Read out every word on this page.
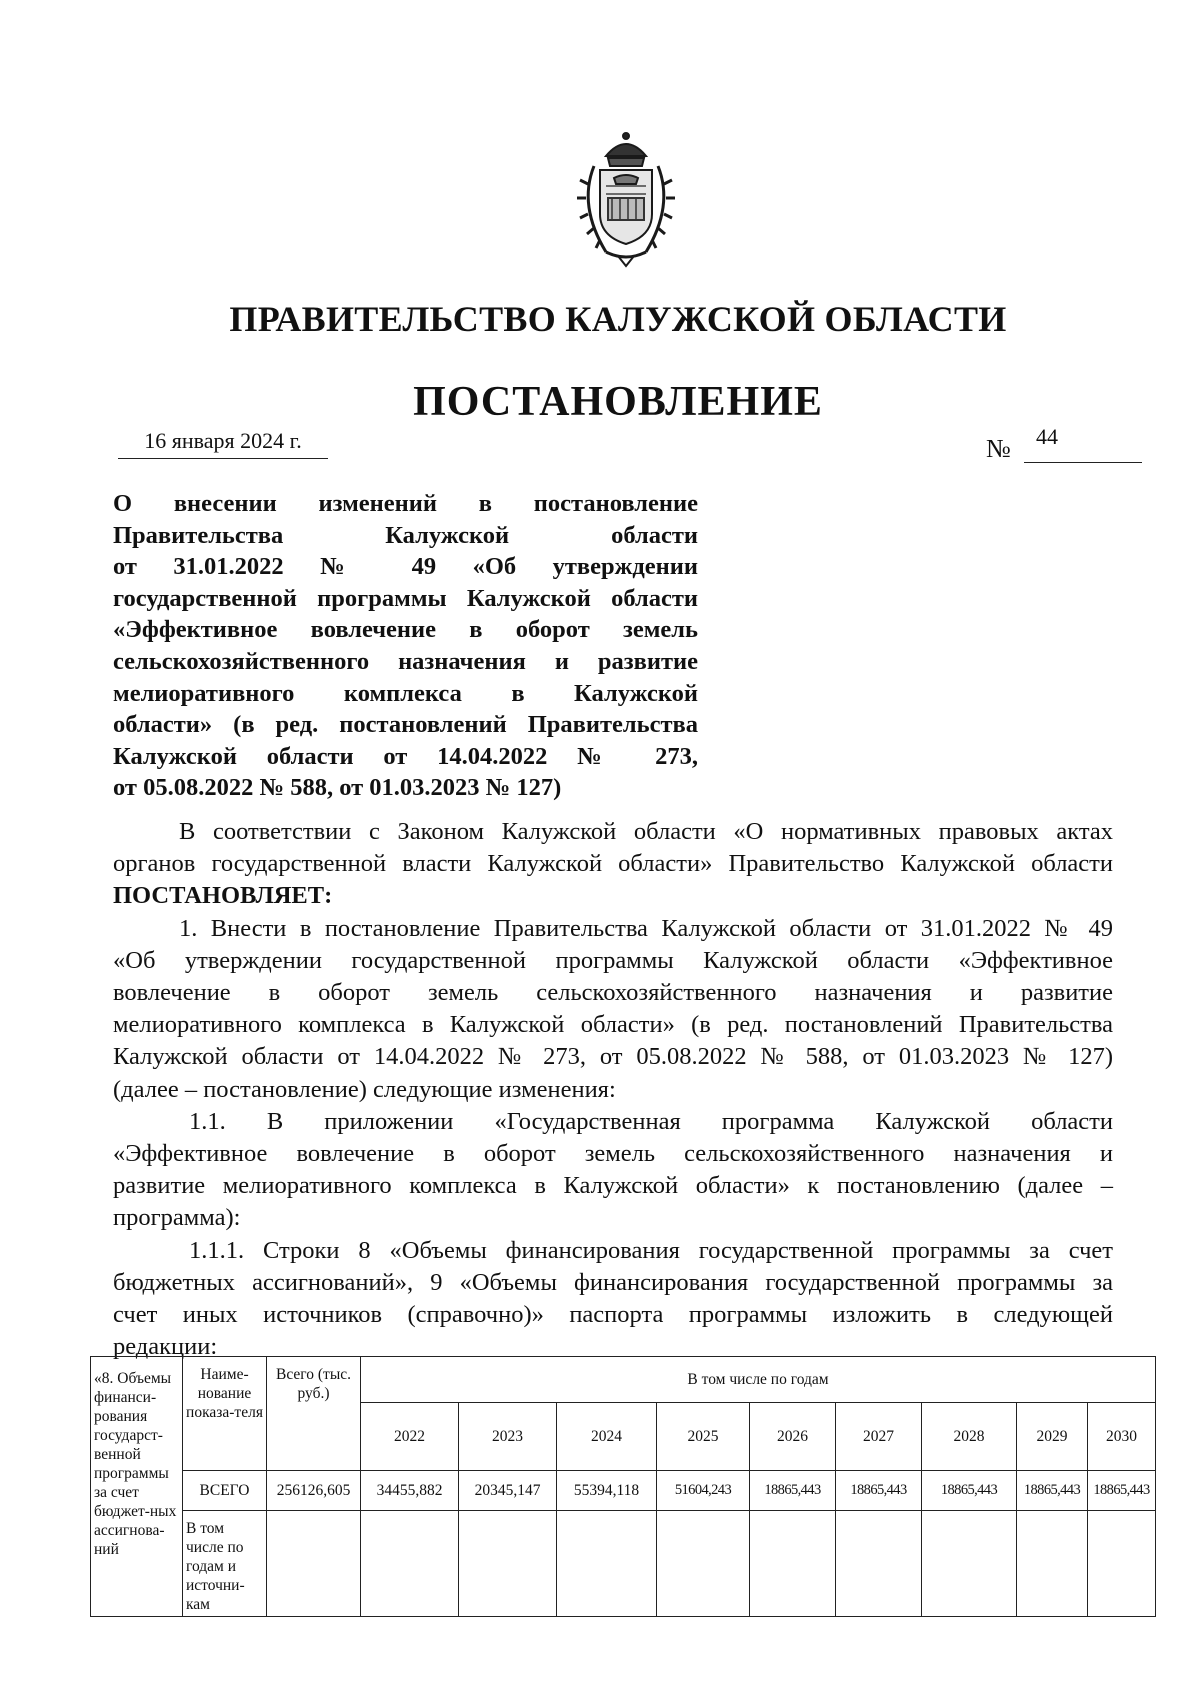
ПРАВИТЕЛЬСТВО КАЛУЖСКОЙ ОБЛАСТИ
ПОСТАНОВЛЕНИЕ
16 января 2024 г.	№	44
О внесении изменений в постановление
Правительства Калужской области
от 31.01.2022 № 49 «Об утверждении
государственной программы Калужской области
«Эффективное вовлечение в оборот земель
сельскохозяйственного назначения и развитие
мелиоративного комплекса в Калужской
области» (в ред. постановлений Правительства
Калужской области от 14.04.2022 № 273,
от 05.08.2022 № 588, от 01.03.2023 № 127)
В соответствии с Законом Калужской области «О нормативных правовых актах
органов государственной власти Калужской области» Правительство Калужской области
ПОСТАНОВЛЯЕТ:
1. Внести в постановление Правительства Калужской области от 31.01.2022 № 49
«Об утверждении государственной программы Калужской области «Эффективное
вовлечение в оборот земель сельскохозяйственного назначения и развитие
мелиоративного комплекса в Калужской области» (в ред. постановлений Правительства
Калужской области от 14.04.2022 № 273, от 05.08.2022 № 588, от 01.03.2023 № 127)
(далее – постановление) следующие изменения:
1.1. В приложении «Государственная программа Калужской области
«Эффективное вовлечение в оборот земель сельскохозяйственного назначения и
развитие мелиоративного комплекса в Калужской области» к постановлению (далее –
программа):
1.1.1. Строки 8 «Объемы финансирования государственной программы за счет
бюджетных ассигнований», 9 «Объемы финансирования государственной программы за
счет иных источников (справочно)» паспорта программы изложить в следующей
редакции:
«8. Объемы финанси-рования государст-венной программы за счет бюджет-ных ассигнова-ний	Наиме-нование показа-теля	Всего (тыс. руб.)	В том числе по годам								
			2022	2023	2024	2025	2026	2027	2028	2029	2030
	ВСЕГО	256126,605	34455,882	20345,147	55394,118	51604,243	18865,443	18865,443	18865,443	18865,443	18865,443
	В том числе по годам и источни-кам										
